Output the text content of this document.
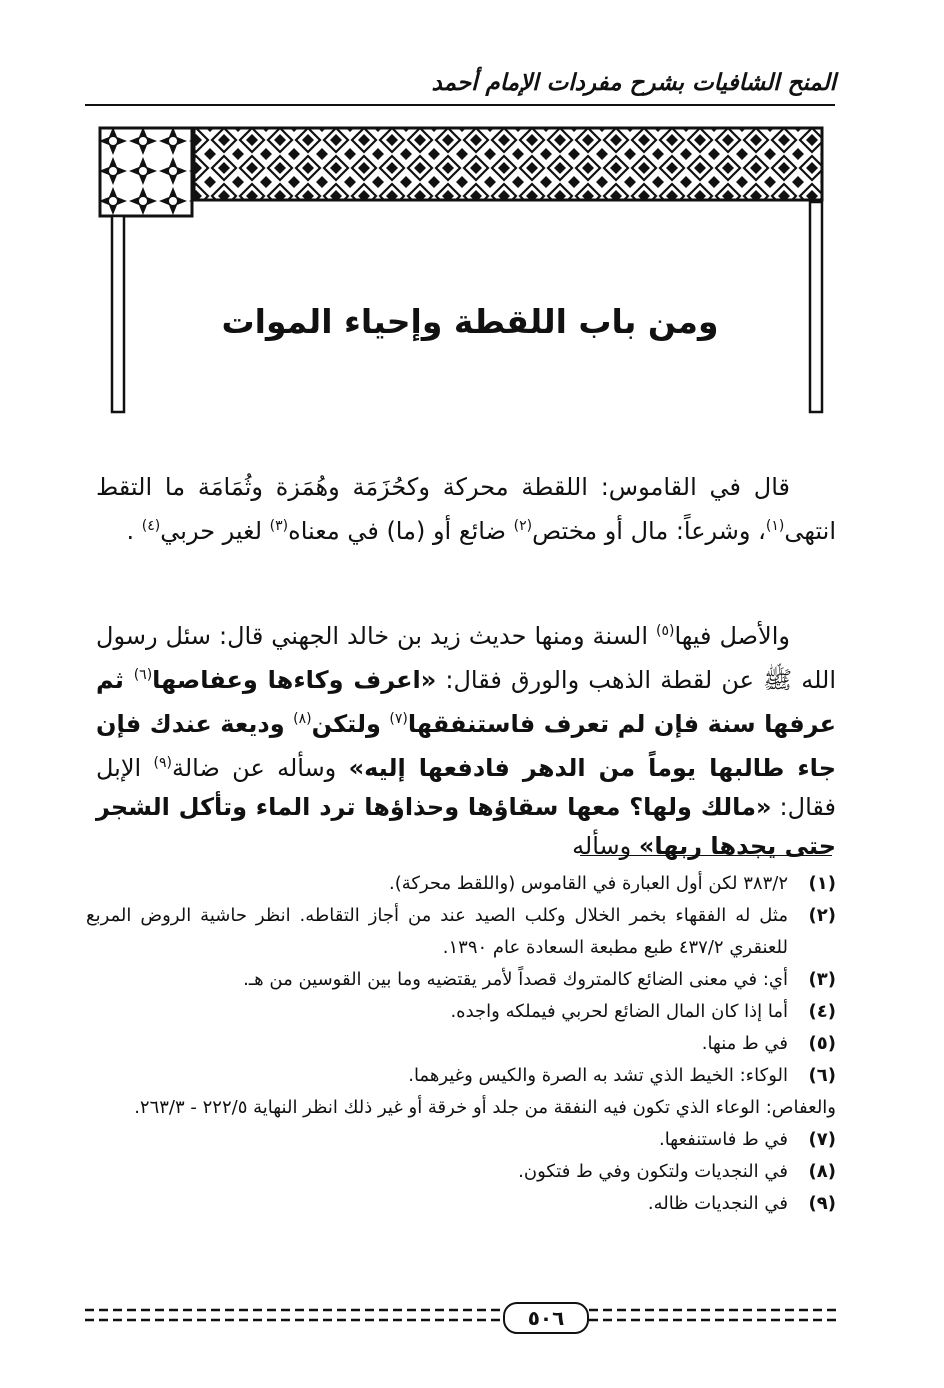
المنح الشافيات بشرح مفردات الإمام أحمد
ومن باب اللقطة وإحياء الموات
قال في القاموس: اللقطة محركة وكحُزَمَة وهُمَزة وثُمَامَة ما التقط انتهى$^{(١)}$، وشرعاً: مال أو مختص$^{(٢)}$ ضائع أو (ما) في معناه$^{(٣)}$ لغير حربي$^{(٤)}$ .
والأصل فيها$^{(٥)}$ السنة ومنها حديث زيد بن خالد الجهني قال: سئل رسول الله ﷺ عن لقطة الذهب والورق فقال: «اعرف وكاءها وعفاصها$^{(٦)}$ ثم عرفها سنة فإن لم تعرف فاستنفقها$^{(٧)}$ ولتكن$^{(٨)}$ وديعة عندك فإن جاء طالبها يوماً من الدهر فادفعها إليه» وسأله عن ضالة$^{(٩)}$ الإبل فقال: «مالك ولها؟ معها سقاؤها وحذاؤها ترد الماء وتأكل الشجر حتى يجدها ربها» وسأله
(١)
٣٨٣/٢ لكن أول العبارة في القاموس (واللقط محركة).
(٢)
مثل له الفقهاء بخمر الخلال وكلب الصيد عند من أجاز التقاطه. انظر حاشية الروض المربع للعنقري ٤٣٧/٢ طبع مطبعة السعادة عام ١٣٩٠.
(٣)
أي: في معنى الضائع كالمتروك قصداً لأمر يقتضيه وما بين القوسين من هـ.
(٤)
أما إذا كان المال الضائع لحربي فيملكه واجده.
(٥)
في ط منها.
(٦)
الوكاء: الخيط الذي تشد به الصرة والكيس وغيرهما.
والعفاص: الوعاء الذي تكون فيه النفقة من جلد أو خرقة أو غير ذلك انظر النهاية ٢٢٢/٥ - ٢٦٣/٣.
(٧)
في ط فاستنفعها.
(٨)
في النجديات ولتكون وفي ط فتكون.
(٩)
في النجديات ظاله.
٥٠٦
